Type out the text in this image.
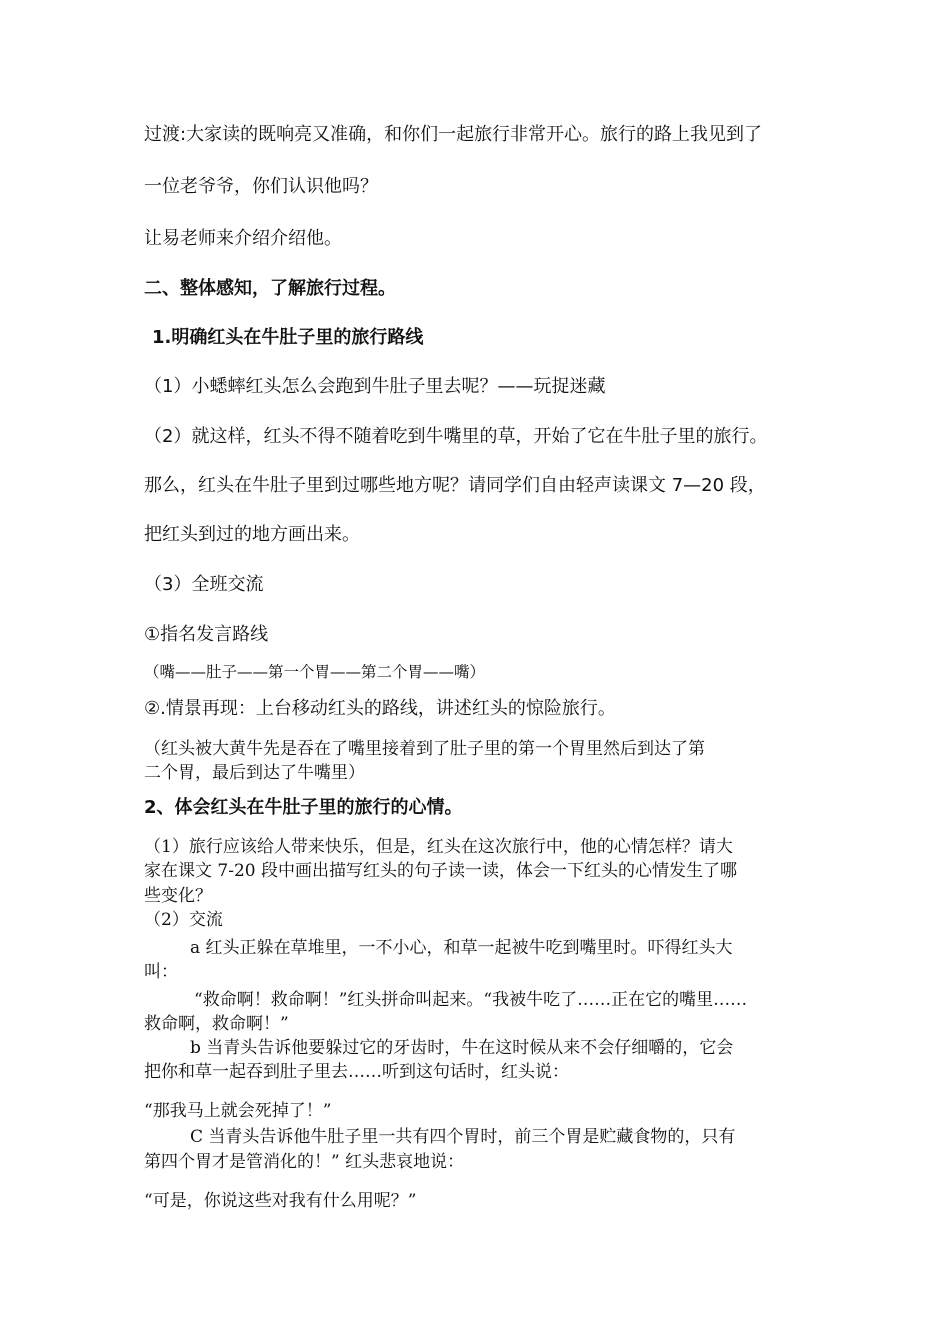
过渡:大家读的既响亮又准确，和你们一起旅行非常开心。旅行的路上我见到了
一位老爷爷，你们认识他吗？
让易老师来介绍介绍他。
二、整体感知，了解旅行过程。
1.明确红头在牛肚子里的旅行路线
（1）小蟋蟀红头怎么会跑到牛肚子里去呢？——玩捉迷藏
（2）就这样，红头不得不随着吃到牛嘴里的草，开始了它在牛肚子里的旅行。
那么，红头在牛肚子里到过哪些地方呢？请同学们自由轻声读课文 7—20 段，
把红头到过的地方画出来。
（3）全班交流
①指名发言路线
（嘴——肚子——第一个胃——第二个胃——嘴）
②.情景再现：上台移动红头的路线，讲述红头的惊险旅行。
（红头被大黄牛先是吞在了嘴里接着到了肚子里的第一个胃里然后到达了第
二个胃，最后到达了牛嘴里）
2、体会红头在牛肚子里的旅行的心情。
（1）旅行应该给人带来快乐，但是，红头在这次旅行中，他的心情怎样？请大
家在课文 7-20 段中画出描写红头的句子读一读，体会一下红头的心情发生了哪
些变化？
（2）交流
a 红头正躲在草堆里，一不小心，和草一起被牛吃到嘴里时。吓得红头大
叫：
“救命啊！救命啊！”红头拼命叫起来。“我被牛吃了……正在它的嘴里……
救命啊，救命啊！”
b 当青头告诉他要躲过它的牙齿时，牛在这时候从来不会仔细嚼的，它会
把你和草一起吞到肚子里去……听到这句话时，红头说：
“那我马上就会死掉了！”
C 当青头告诉他牛肚子里一共有四个胃时，前三个胃是贮藏食物的，只有
第四个胃才是管消化的！” 红头悲哀地说：
“可是，你说这些对我有什么用呢？”
